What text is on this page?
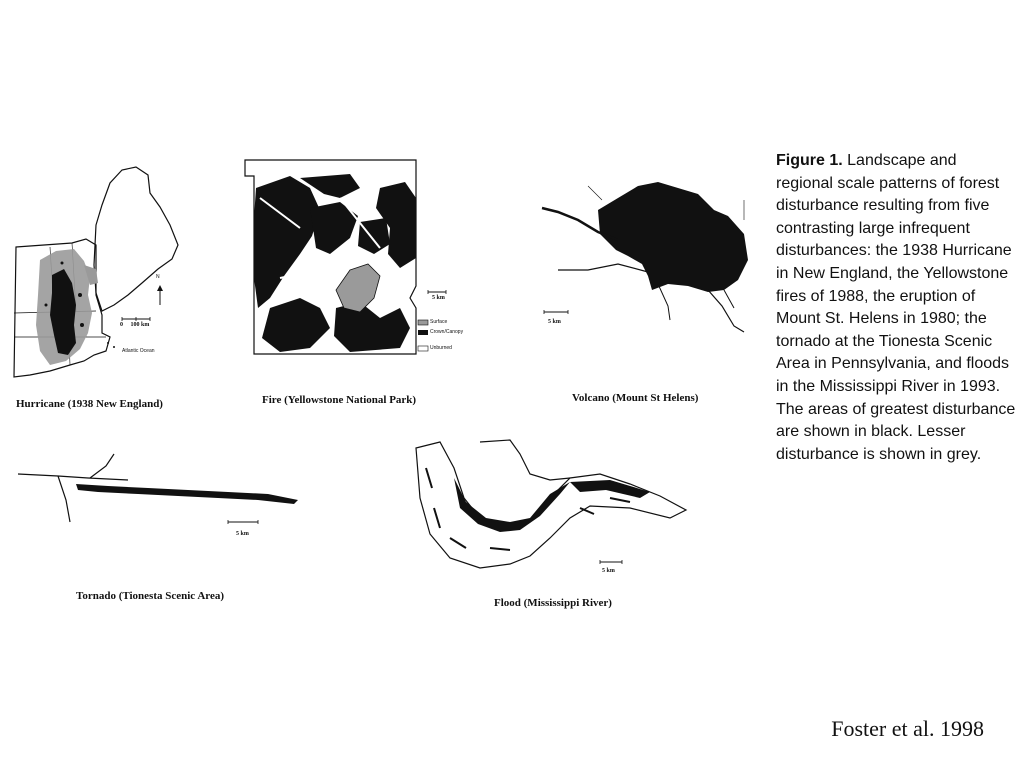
N
0     100 km
Atlantic Ocean
Hurricane (1938 New England)
5 km
Surface
Crown/Canopy
Unburned
Fire (Yellowstone National Park)
5 km
Volcano (Mount St Helens)
5 km
Tornado (Tionesta Scenic Area)
5 km
Flood (Mississippi River)
Figure 1. Landscape and regional scale patterns of forest disturbance resulting from five contrasting large infrequent disturbances: the 1938 Hurricane in New England, the Yellowstone fires of 1988, the eruption of Mount St. Helens in 1980; the tornado at the Tionesta Scenic Area in Pennsylvania, and floods in the Mississippi River in 1993. The areas of greatest disturbance are shown in black. Lesser disturbance is shown in grey.
Foster et al. 1998
